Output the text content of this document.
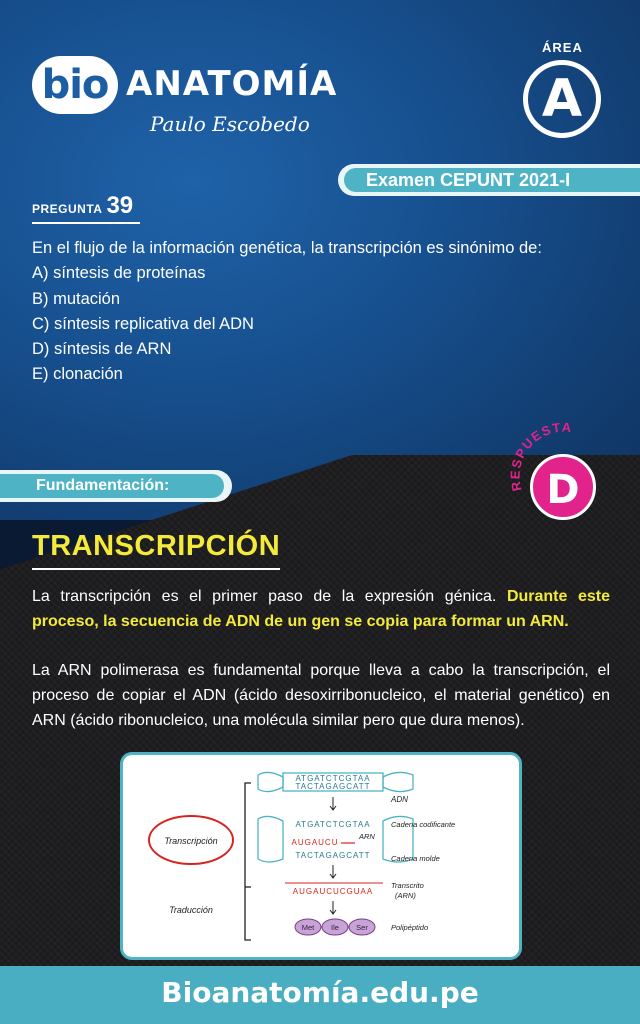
bio ANATOMÍA
Paulo Escobedo
ÁREA
A
Examen CEPUNT 2021-I
PREGUNTA 39
En el flujo de la información genética, la transcripción es sinónimo de:
A) síntesis de proteínas
B) mutación
C) síntesis replicativa del ADN
D) síntesis de ARN
E) clonación
Fundamentación:	RESPUESTA
D
TRANSCRIPCIÓN
La transcripción es el primer paso de la expresión génica. Durante este proceso, la secuencia de ADN de un gen se copia para formar un ARN.
La ARN polimerasa es fundamental porque lleva a cabo la transcripción, el proceso de copiar el ADN (ácido desoxirribonucleico, el material genético) en ARN (ácido ribonucleico, una molécula similar pero que dura menos).
Transcripción
Traducción
ATGATCTCGTAA
TACTAGAGCATT
ADN
ATGATCTCGTAA	Cadena codificante
AUGAUCU
ARN
TACTAGAGCATT	Cadena molde
AUGAUCUCGUAA
Transcrito
(ARN)
Met Ile Ser	Polipéptido
Bioanatomía.edu.pe
